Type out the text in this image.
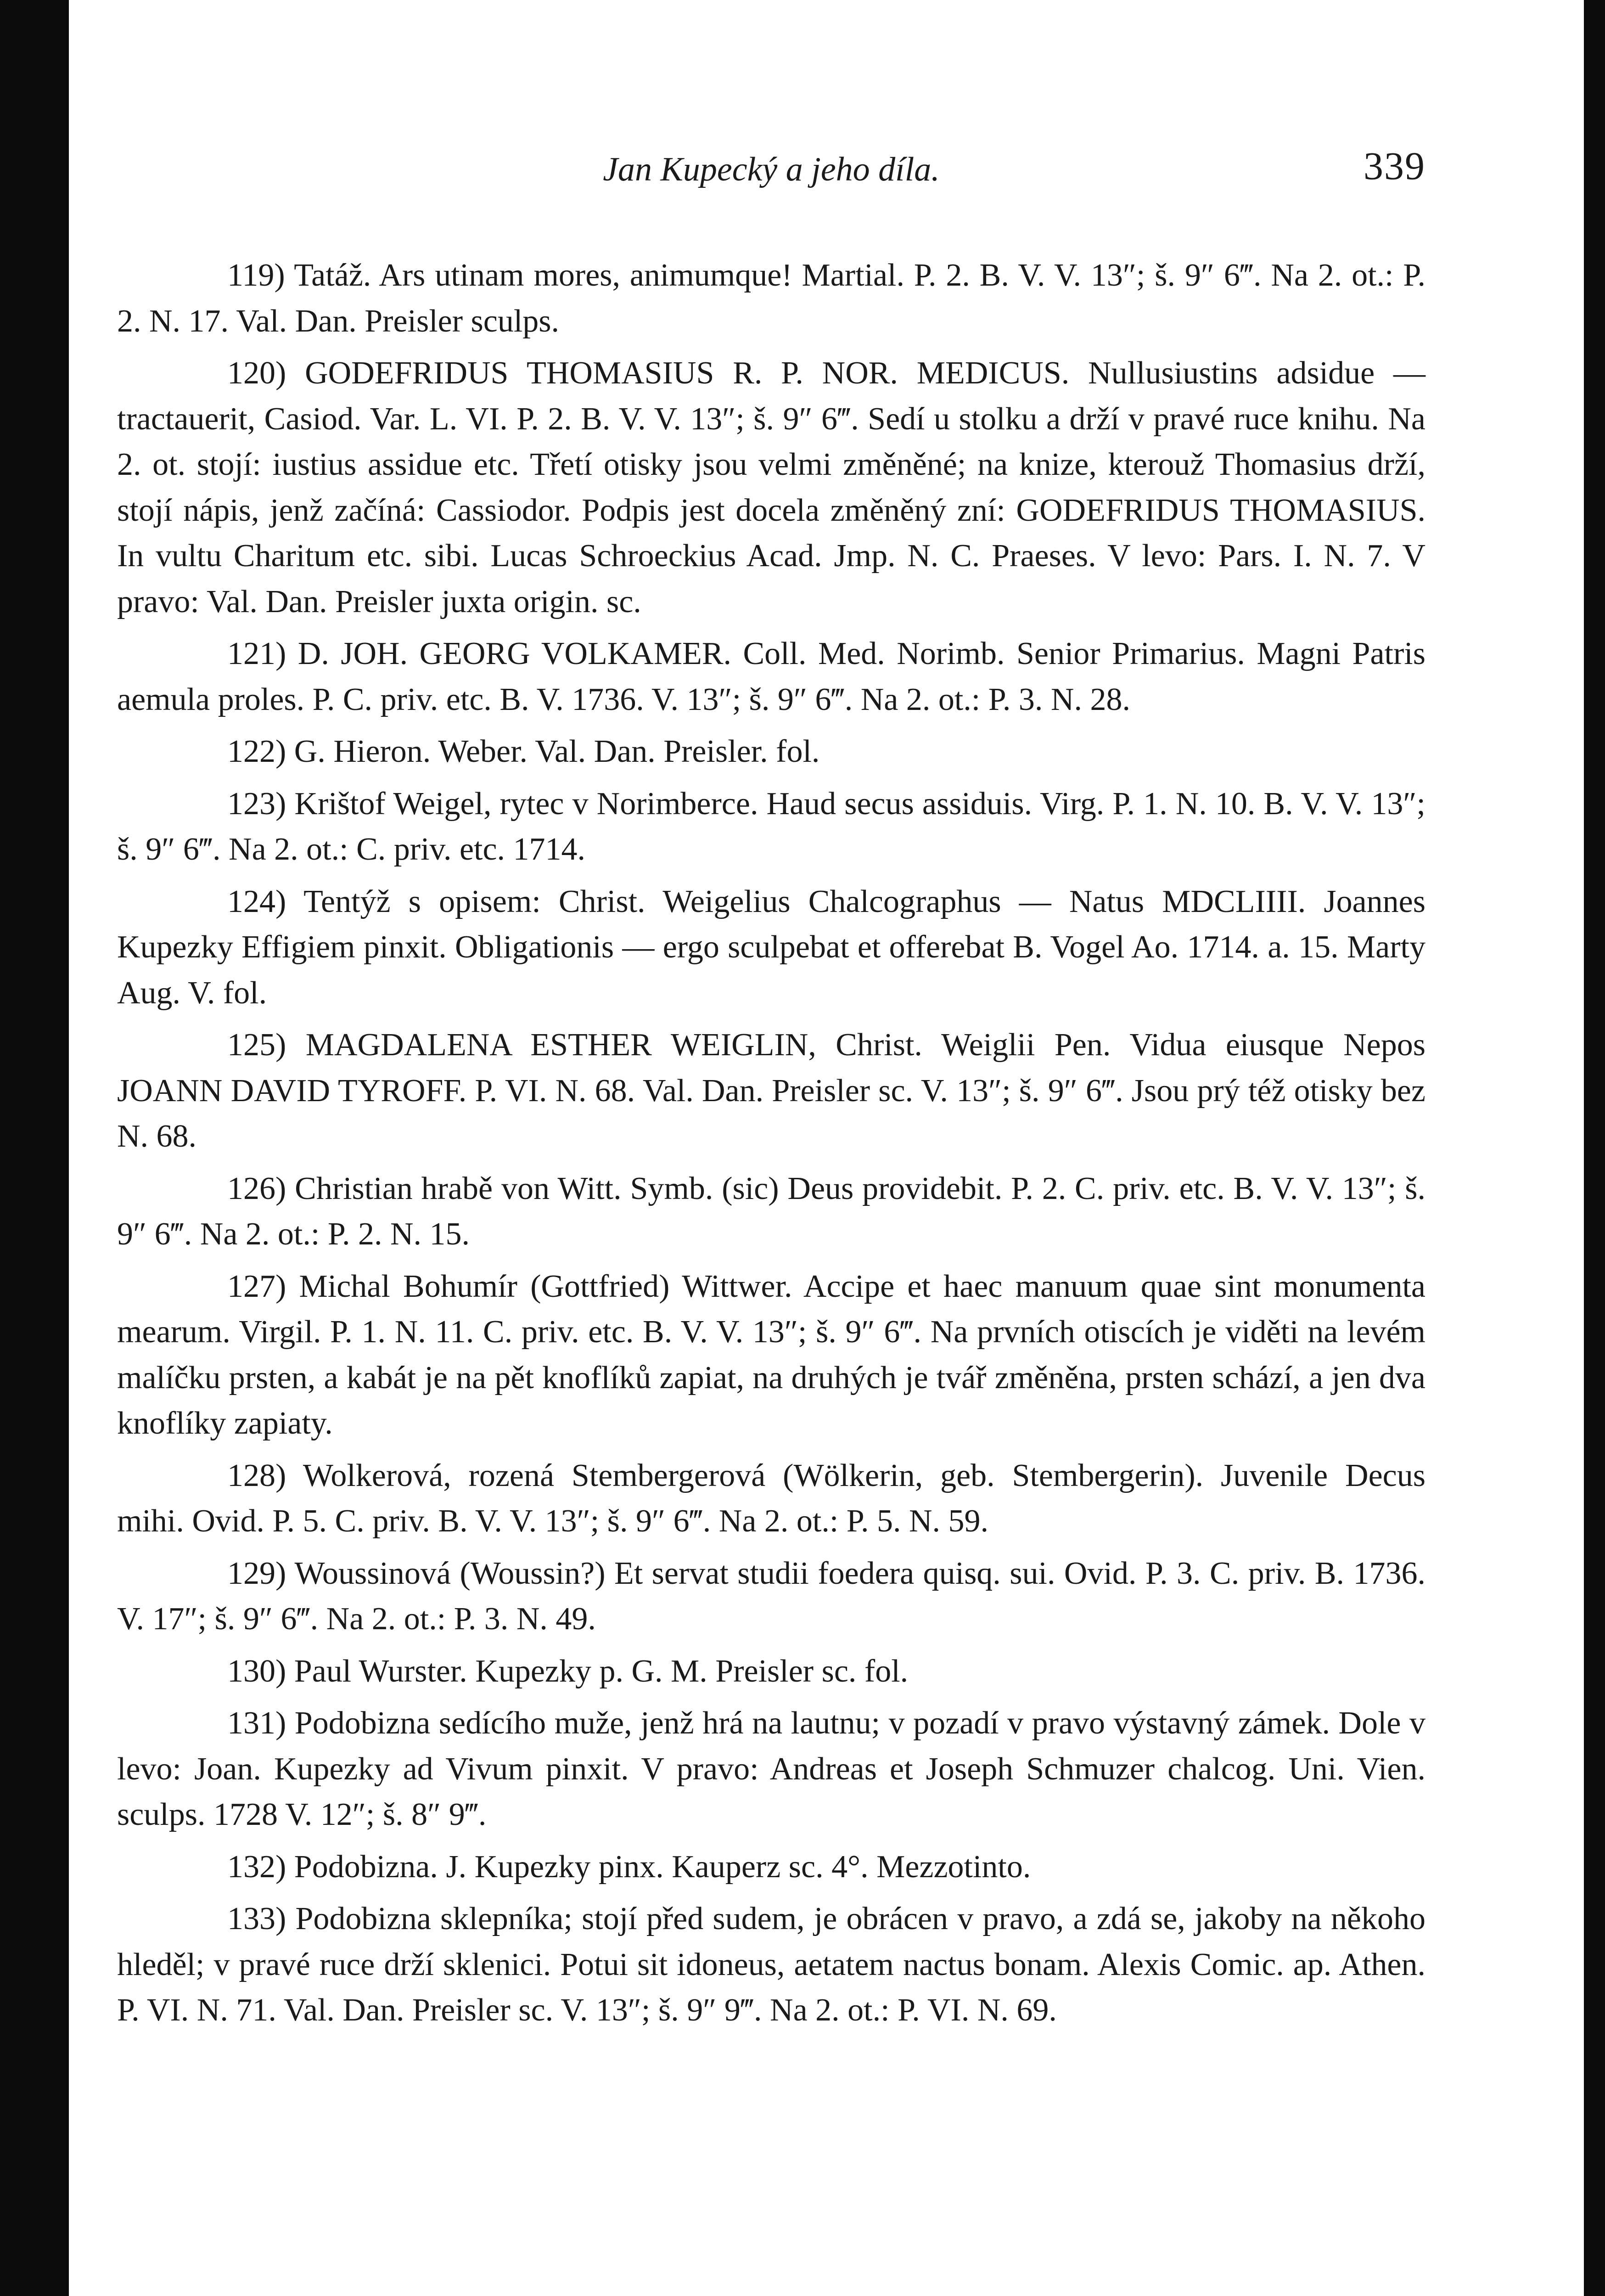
Jan Kupecký a jeho díla.	339

119) Tatáž. Ars utinam mores, animumque! Martial. P. 2. B. V. V. 13″; š. 9″ 6‴. Na 2. ot.: P. 2. N. 17. Val. Dan. Preisler sculps.

120) GODEFRIDUS THOMASIUS R. P. NOR. MEDICUS. Nullusiustins adsidue — tractauerit, Casiod. Var. L. VI. P. 2. B. V. V. 13″; š. 9″ 6‴. Sedí u stolku a drží v pravé ruce knihu. Na 2. ot. stojí: iustius assidue etc. Třetí otisky jsou velmi změněné; na knize, kterouž Thomasius drží, stojí nápis, jenž začíná: Cassiodor. Podpis jest docela změněný zní: GODEFRIDUS THOMASIUS. In vultu Charitum etc. sibi. Lucas Schroeckius Acad. Jmp. N. C. Praeses. V levo: Pars. I. N. 7. V pravo: Val. Dan. Preisler juxta origin. sc.

121) D. JOH. GEORG VOLKAMER. Coll. Med. Norimb. Senior Primarius. Magni Patris aemula proles. P. C. priv. etc. B. V. 1736. V. 13″; š. 9″ 6‴. Na 2. ot.: P. 3. N. 28.

122) G. Hieron. Weber. Val. Dan. Preisler. fol.

123) Krištof Weigel, rytec v Norimberce. Haud secus assiduis. Virg. P. 1. N. 10. B. V. V. 13″; š. 9″ 6‴. Na 2. ot.: C. priv. etc. 1714.

124) Tentýž s opisem: Christ. Weigelius Chalcographus — Natus MDCLIIII. Joannes Kupezky Effigiem pinxit. Obligationis — ergo sculpebat et offerebat B. Vogel Ao. 1714. a. 15. Marty Aug. V. fol.

125) MAGDALENA ESTHER WEIGLIN, Christ. Weiglii Pen. Vidua eiusque Nepos JOANN DAVID TYROFF. P. VI. N. 68. Val. Dan. Preisler sc. V. 13″; š. 9″ 6‴. Jsou prý též otisky bez N. 68.

126) Christian hrabě von Witt. Symb. (sic) Deus providebit. P. 2. C. priv. etc. B. V. V. 13″; š. 9″ 6‴. Na 2. ot.: P. 2. N. 15.

127) Michal Bohumír (Gottfried) Wittwer. Accipe et haec manuum quae sint monumenta mearum. Virgil. P. 1. N. 11. C. priv. etc. B. V. V. 13″; š. 9″ 6‴. Na prvních otiscích je viděti na levém malíčku prsten, a kabát je na pět knoflíků zapiat, na druhých je tvář změněna, prsten schází, a jen dva knoflíky zapiaty.

128) Wolkerová, rozená Stembergerová (Wölkerin, geb. Stembergerin). Juvenile Decus mihi. Ovid. P. 5. C. priv. B. V. V. 13″; š. 9″ 6‴. Na 2. ot.: P. 5. N. 59.

129) Woussinová (Woussin?) Et servat studii foedera quisq. sui. Ovid. P. 3. C. priv. B. 1736. V. 17″; š. 9″ 6‴. Na 2. ot.: P. 3. N. 49.

130) Paul Wurster. Kupezky p. G. M. Preisler sc. fol.

131) Podobizna sedícího muže, jenž hrá na lautnu; v pozadí v pravo výstavný zámek. Dole v levo: Joan. Kupezky ad Vivum pinxit. V pravo: Andreas et Joseph Schmuzer chalcog. Uni. Vien. sculps. 1728 V. 12″; š. 8″ 9‴.

132) Podobizna. J. Kupezky pinx. Kauperz sc. 4°. Mezzotinto.

133) Podobizna sklepníka; stojí před sudem, je obrácen v pravo, a zdá se, jakoby na někoho hleděl; v pravé ruce drží sklenici. Potui sit idoneus, aetatem nactus bonam. Alexis Comic. ap. Athen. P. VI. N. 71. Val. Dan. Preisler sc. V. 13″; š. 9″ 9‴. Na 2. ot.: P. VI. N. 69.
